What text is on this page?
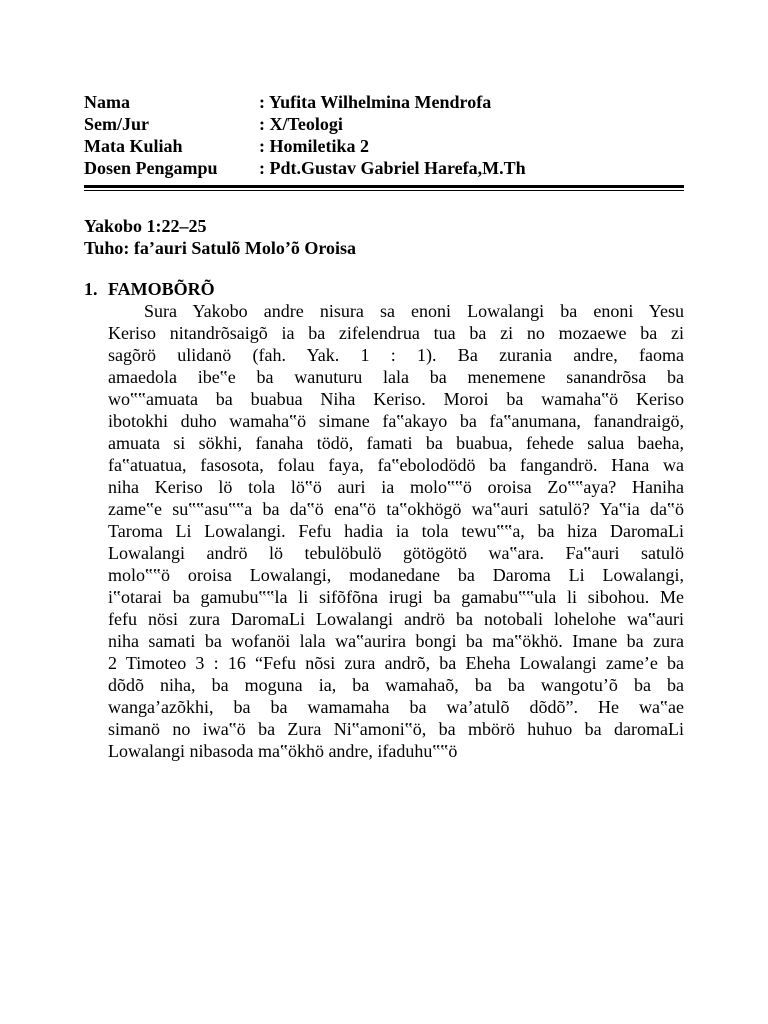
Nama	: Yufita Wilhelmina Mendrofa
Sem/Jur	: X/Teologi
Mata Kuliah	: Homiletika 2
Dosen Pengampu	: Pdt.Gustav Gabriel Harefa,M.Th
Yakobo 1:22–25
Tuho: fa’auri Satulõ Molo’õ Oroisa
1. FAMOBÕRÕ
Sura Yakobo andre nisura sa enoni Lowalangi ba enoni Yesu
Keriso nitandrõsaigõ ia ba zifelendrua tua ba zi no mozaewe ba zi
sagõrö ulidanö (fah. Yak. 1 : 1). Ba zurania andre, faoma
amaedola ibe‟e ba wanuturu lala ba menemene sanandrõsa ba
wo‟‟amuata ba buabua Niha Keriso. Moroi ba wamaha‟ö Keriso
ibotokhi duho wamaha‟ö simane fa‟akayo ba fa‟anumana, fanandraigö,
amuata si sökhi, fanaha tödö, famati ba buabua, fehede salua baeha,
fa‟atuatua, fasosota, folau faya, fa‟ebolodödö ba fangandrö. Hana wa
niha Keriso lö tola lö‟ö auri ia molo‟‟ö oroisa Zo‟‟aya? Haniha
zame‟e su‟‟asu‟‟a ba da‟ö ena‟ö ta‟okhögö wa‟auri satulö? Ya‟ia da‟ö
Taroma Li Lowalangi. Fefu hadia ia tola tewu‟‟a, ba hiza DaromaLi
Lowalangi andrö lö tebulöbulö götögötö wa‟ara. Fa‟auri satulö
molo‟‟ö oroisa Lowalangi, modanedane ba Daroma Li Lowalangi,
i‟otarai ba gamubu‟‟la li sifõfõna irugi ba gamabu‟‟ula li sibohou. Me
fefu nösi zura DaromaLi Lowalangi andrö ba notobali lohelohe wa‟auri
niha samati ba wofanöi lala wa‟aurira bongi ba ma‟ökhö. Imane ba zura
2 Timoteo 3 : 16 “Fefu nõsi zura andrõ, ba Eheha Lowalangi zame’e ba
dõdõ niha, ba moguna ia, ba wamahaõ, ba ba wangotu’õ ba ba
wanga’azõkhi, ba ba wamamaha ba wa’atulõ dõdõ”. He wa‟ae
simanö no iwa‟ö ba Zura Ni‟amoni‟ö, ba mbörö huhuo ba daromaLi
Lowalangi nibasoda ma‟ökhö andre, ifaduhu‟‟ö
